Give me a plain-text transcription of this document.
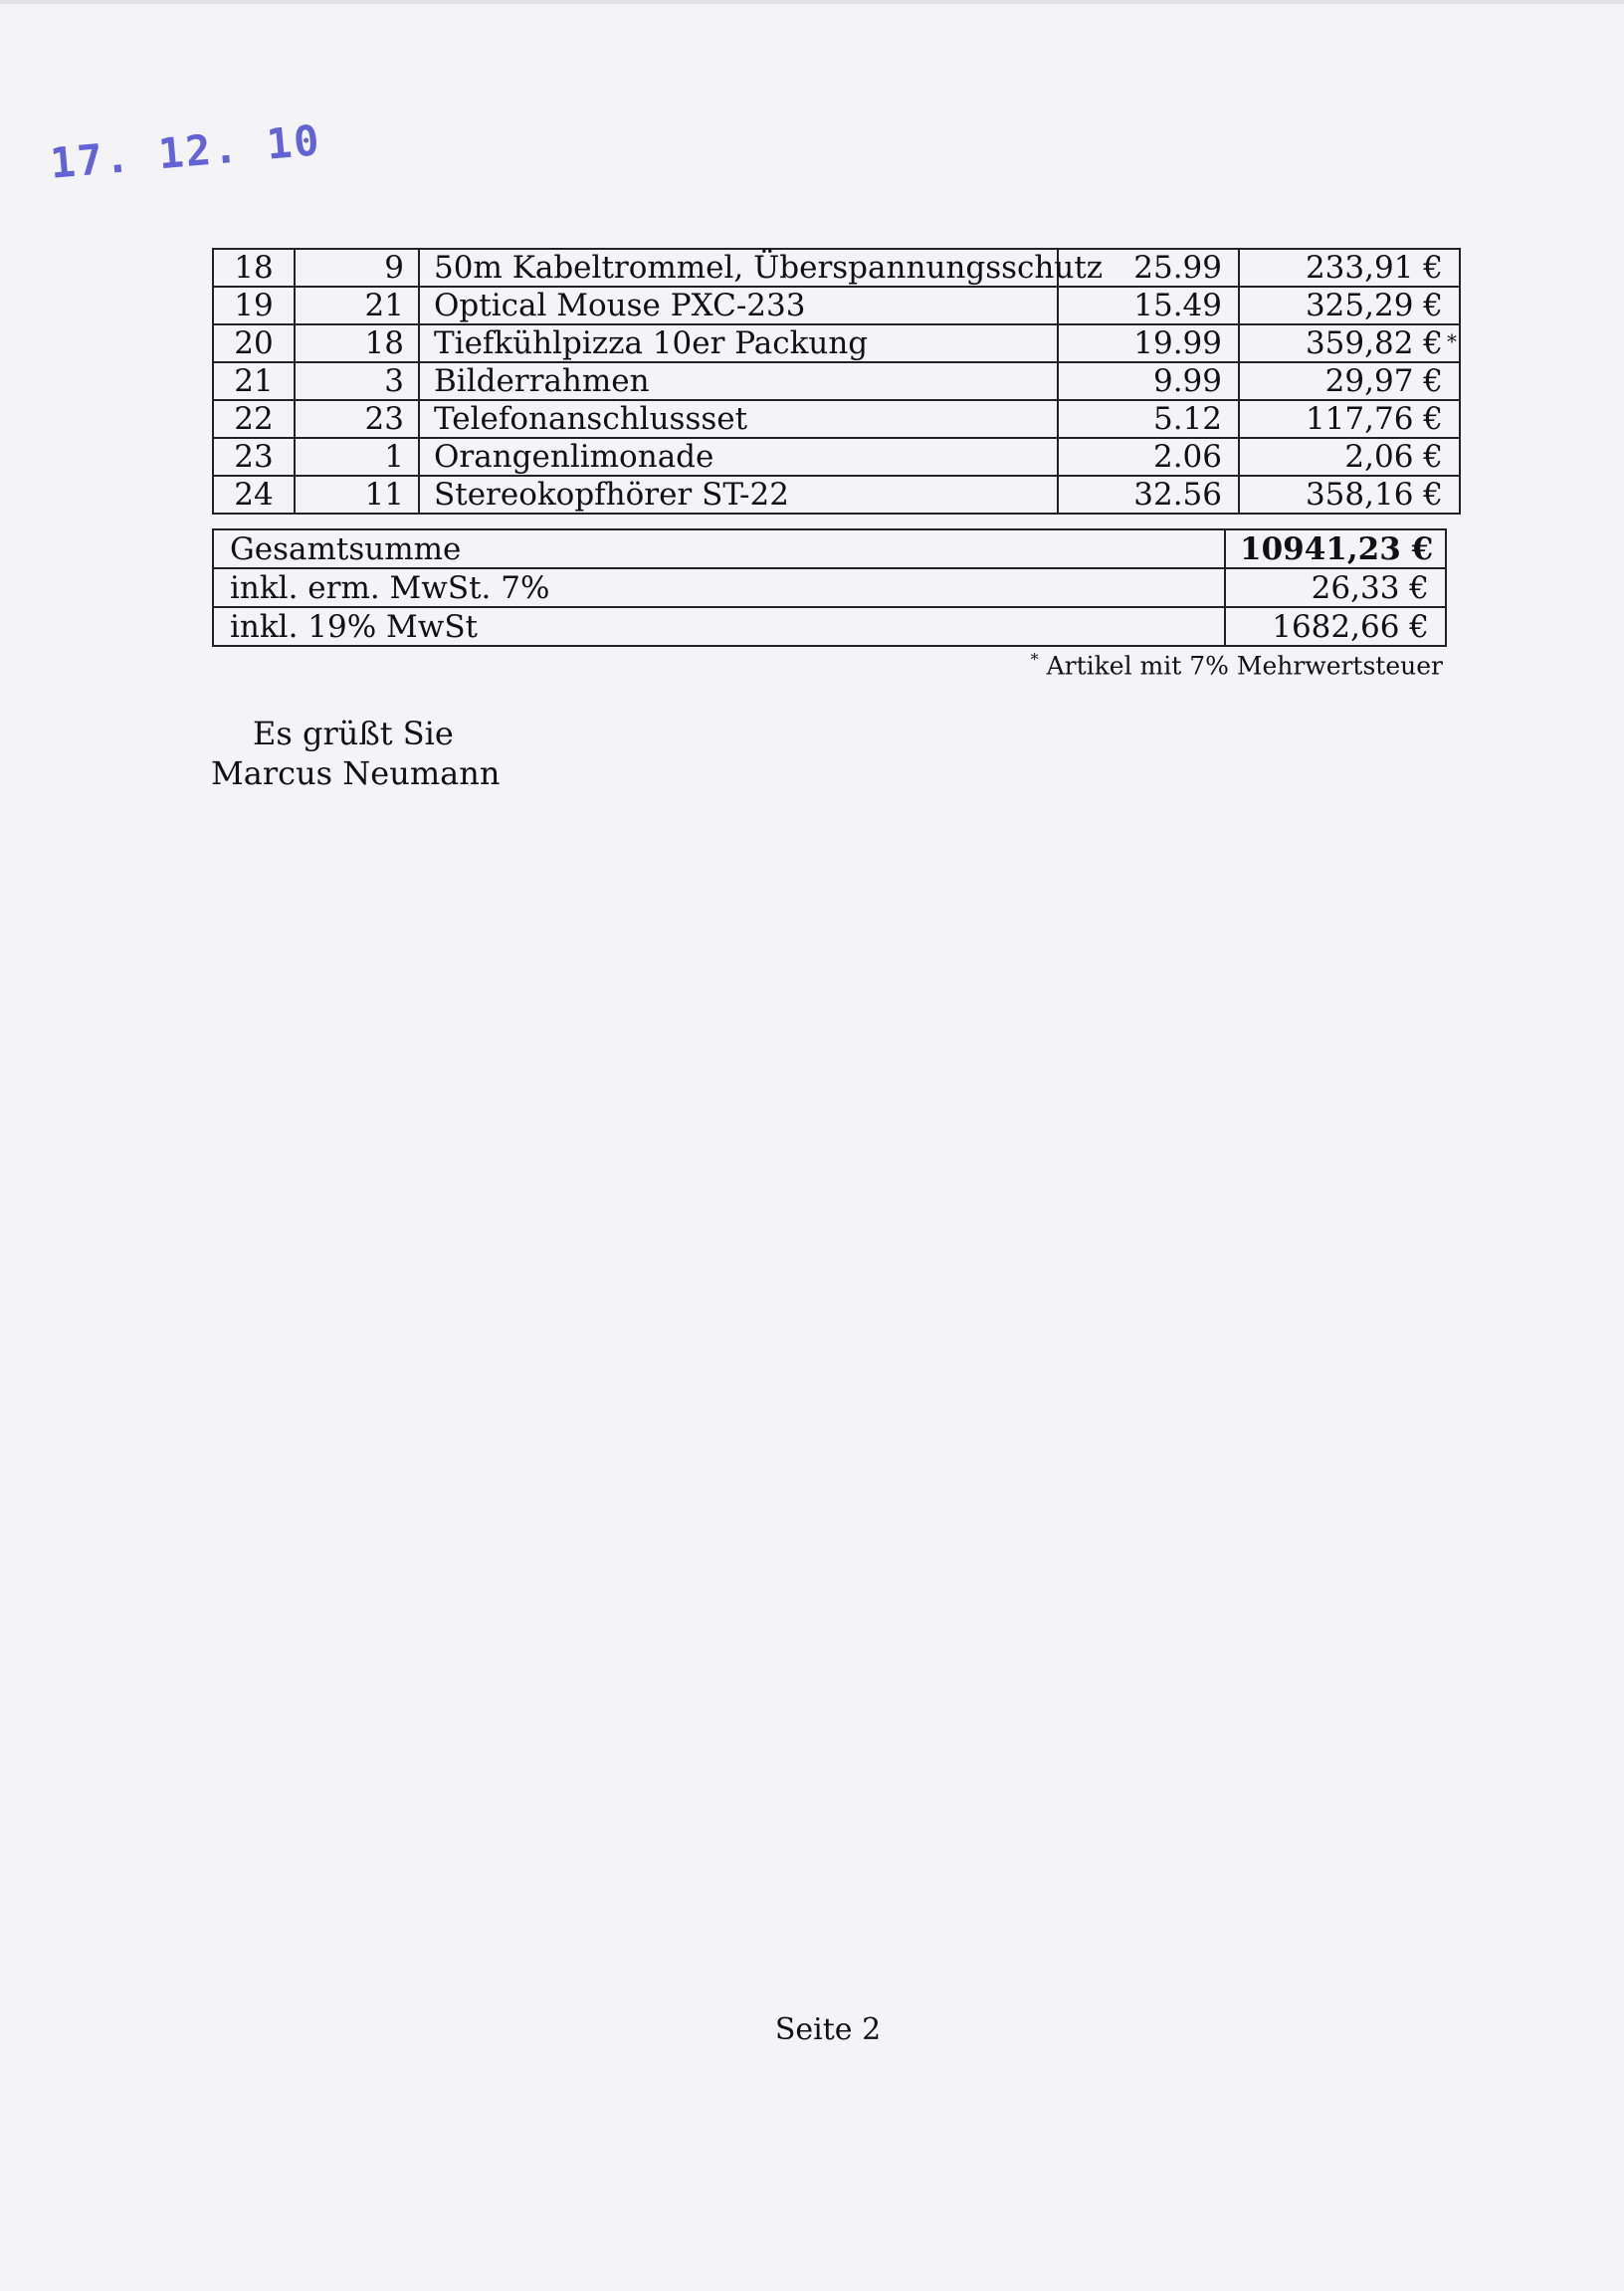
17. 12. 10
18	9	50m Kabeltrommel, Überspannungsschutz	25.99	233,91 €

19	21	Optical Mouse PXC-233	15.49	325,29 €

20	18	Tiefkühlpizza 10er Packung	19.99	359,82 € *

21	3	Bilderrahmen	9.99	29,97 €

22	23	Telefonanschlussset	5.12	117,76 €

23	1	Orangenlimonade	2.06	2,06 €

24	11	Stereokopfhörer ST-22	32.56	358,16 €
Gesamtsumme	10941,23 €
inkl. erm. MwSt. 7%	26,33 €
inkl. 19% MwSt	1682,66 €
* Artikel mit 7% Mehrwertsteuer
Es grüßt Sie
Marcus Neumann
Seite 2
